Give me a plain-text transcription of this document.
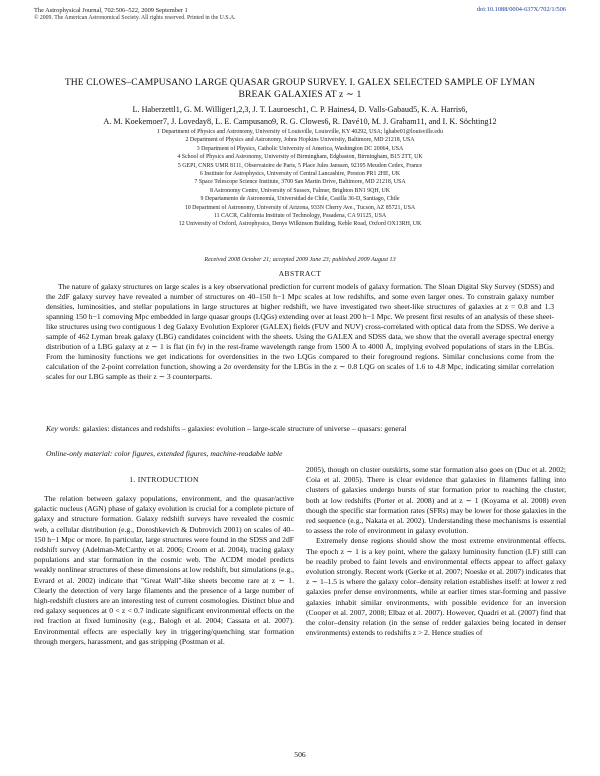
The Astrophysical Journal, 702:506–522, 2009 September 1	doi:10.1088/0004-637X/702/1/506
© 2009. The American Astronomical Society. All rights reserved. Printed in the U.S.A.
THE CLOWES–CAMPUSANO LARGE QUASAR GROUP SURVEY. I. GALEX SELECTED SAMPLE OF LYMAN
BREAK GALAXIES AT z ∼ 1
L. Haberzettl1, G. M. Williger1,2,3, J. T. Lauroesch1, C. P. Haines4, D. Valls-Gabaud5, K. A. Harris6,
A. M. Koekemoer7, J. Loveday8, L. E. Campusano9, R. G. Clowes6, R. Davé10, M. J. Graham11, and I. K. Söchting12
1 Department of Physics and Astronomy, University of Louisville, Louisville, KY 40292, USA; lghabe01@louisville.edu
2 Department of Physics and Astronomy, Johns Hopkins University, Baltimore, MD 21218, USA
3 Department of Physics, Catholic University of America, Washington DC 20064, USA
4 School of Physics and Astronomy, University of Birmingham, Edgbaston, Birmingham, B15 2TT, UK
5 GEPI, CNRS UMR 8111, Observatoire de Paris, 5 Place Jules Janssen, 92195 Meudon Cedex, France
6 Institute for Astrophysics, University of Central Lancashire, Preston PR1 2HE, UK
7 Space Telescope Science Institute, 3700 San Martin Drive, Baltimore, MD 21218, USA
8 Astronomy Centre, University of Sussex, Falmer, Brighton BN1 9QH, UK
9 Departamento de Astronomía, Universidad de Chile, Casilla 36-D, Santiago, Chile
10 Department of Astronomy, University of Arizona, 933N Cherry Ave., Tucson, AZ 85721, USA
11 CACR, California Institute of Technology, Pasadena, CA 91125, USA
12 University of Oxford, Astrophysics, Denys Wilkinson Building, Keble Road, Oxford OX13RH, UK
Received 2008 October 21; accepted 2009 June 23; published 2009 August 13
ABSTRACT

The nature of galaxy structures on large scales is a key observational prediction for current models of galaxy formation. The Sloan Digital Sky Survey (SDSS) and the 2dF galaxy survey have revealed a number of structures on 40–150 h−1 Mpc scales at low redshifts, and some even larger ones. To constrain galaxy number densities, luminosities, and stellar populations in large structures at higher redshift, we have investigated two sheet-like structures of galaxies at z = 0.8 and 1.3 spanning 150 h−1 comoving Mpc embedded in large quasar groups (LQGs) extending over at least 200 h−1 Mpc. We present first results of an analysis of these sheet-like structures using two contiguous 1 deg Galaxy Evolution Explorer (GALEX) fields (FUV and NUV) cross-correlated with optical data from the SDSS. We derive a sample of 462 Lyman break galaxy (LBG) candidates coincident with the sheets. Using the GALEX and SDSS data, we show that the overall average spectral energy distribution of a LBG galaxy at z ∼ 1 is flat (in fν) in the rest-frame wavelength range from 1500 Å to 4000 Å, implying evolved populations of stars in the LBGs. From the luminosity functions we get indications for overdensities in the two LQGs compared to their foreground regions. Similar conclusions come from the calculation of the 2-point correlation function, showing a 2σ overdensity for the LBGs in the z ∼ 0.8 LQG on scales of 1.6 to 4.8 Mpc, indicating similar correlation scales for our LBG sample as their z ∼ 3 counterparts.

Key words: galaxies: distances and redshifts – galaxies: evolution – large-scale structure of universe – quasars: general
Online-only material: color figures, extended figures, machine-readable table
1. INTRODUCTION

The relation between galaxy populations, environment, and the quasar/active galactic nucleus (AGN) phase of galaxy evolution is crucial for a complete picture of galaxy and structure formation. Galaxy redshift surveys have revealed the cosmic web, a cellular distribution (e.g., Doroshkevich & Dubrovich 2001) on scales of 40–150 h−1 Mpc or more. In particular, large structures were found in the SDSS and 2dF redshift survey (Adelman-McCarthy et al. 2006; Croom et al. 2004), tracing galaxy populations and star formation in the cosmic web. The ΛCDM model predicts weakly nonlinear structures of these dimensions at low redshift, but simulations (e.g., Evrard et al. 2002) indicate that "Great Wall"-like sheets become rare at z ∼ 1. Clearly the detection of very large filaments and the presence of a large number of high-redshift clusters are an interesting test of current cosmologies. Distinct blue and red galaxy sequences at 0 < z < 0.7 indicate significant environmental effects on the red fraction at fixed luminosity (e.g., Balogh et al. 2004; Cassata et al. 2007). Environmental effects are especially key in triggering/quenching star formation through mergers, harassment, and gas stripping (Postman et al.

2005), though on cluster outskirts, some star formation also goes on (Duc et al. 2002; Coia et al. 2005). There is clear evidence that galaxies in filaments falling into clusters of galaxies undergo bursts of star formation prior to reaching the cluster, both at low redshifts (Porter et al. 2008) and at z ∼ 1 (Koyama et al. 2008) even though the specific star formation rates (SFRs) may be lower for those galaxies in the red sequence (e.g., Nakata et al. 2002). Understanding these mechanisms is essential to assess the role of environment in galaxy evolution.

Extremely dense regions should show the most extreme environmental effects. The epoch z ∼ 1 is a key point, where the galaxy luminosity function (LF) still can be readily probed to faint levels and environmental effects appear to affect galaxy evolution strongly. Recent work (Gerke et al. 2007; Noeske et al. 2007) indicates that z ∼ 1–1.5 is where the galaxy color–density relation establishes itself: at lower z red galaxies prefer dense environments, while at earlier times star-forming and passive galaxies inhabit similar environments, with possible evidence for an inversion (Cooper et al. 2007, 2008; Elbaz et al. 2007). However, Quadri et al. (2007) find that the color–density relation (in the sense of redder galaxies being located in denser environments) extends to redshifts z > 2. Hence studies of

506
